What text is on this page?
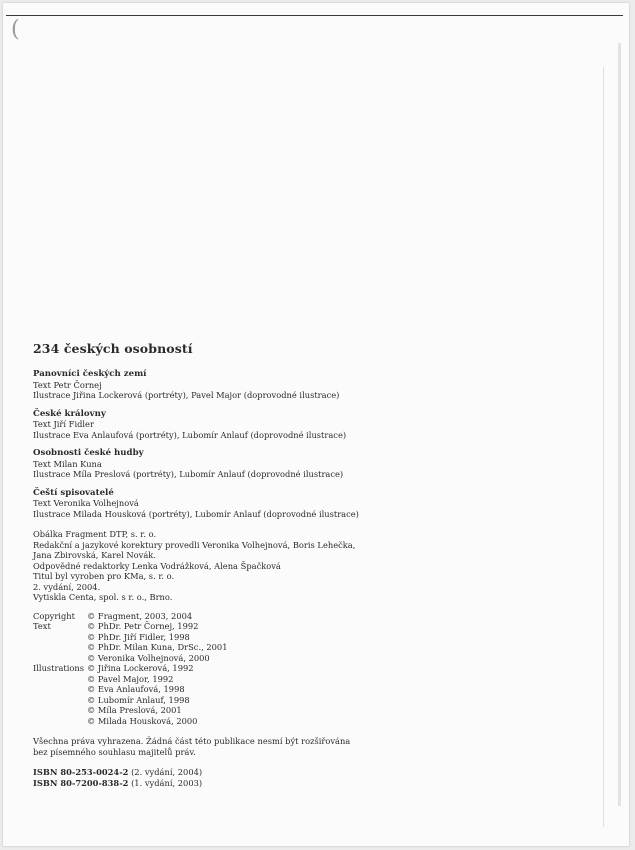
(
234 českých osobností
Panovníci českých zemí
Text Petr Čornej
Ilustrace Jiřina Lockerová (portréty), Pavel Major (doprovodné ilustrace)
České královny
Text Jiří Fidler
Ilustrace Eva Anlaufová (portréty), Lubomír Anlauf (doprovodné ilustrace)
Osobnosti české hudby
Text Milan Kuna
Ilustrace Míla Preslová (portréty), Lubomír Anlauf (doprovodné ilustrace)
Čeští spisovatelé
Text Veronika Volhejnová
Ilustrace Milada Housková (portréty), Lubomír Anlauf (doprovodné ilustrace)
Obálka Fragment DTP, s. r. o.
Redakční a jazykové korektury provedli Veronika Volhejnová, Boris Lehečka,
Jana Zbirovská, Karel Novák.
Odpovědné redaktorky Lenka Vodrážková, Alena Špačková
Titul byl vyroben pro KMa, s. r. o.
2. vydání, 2004.
Vytiskla Centa, spol. s r. o., Brno.
Copyright
Text
Illustrations
© Fragment, 2003, 2004
© PhDr. Petr Čornej, 1992
© PhDr. Jiří Fidler, 1998
© PhDr. Milan Kuna, DrSc., 2001
© Veronika Volhejnová, 2000
© Jiřina Lockerová, 1992
© Pavel Major, 1992
© Eva Anlaufová, 1998
© Lubomír Anlauf, 1998
© Míla Preslová, 2001
© Milada Housková, 2000
Všechna práva vyhrazena. Žádná část této publikace nesmí být rozšiřována
bez písemného souhlasu majitelů práv.
ISBN 80-253-0024-2 (2. vydání, 2004)
ISBN 80-7200-838-2 (1. vydání, 2003)
